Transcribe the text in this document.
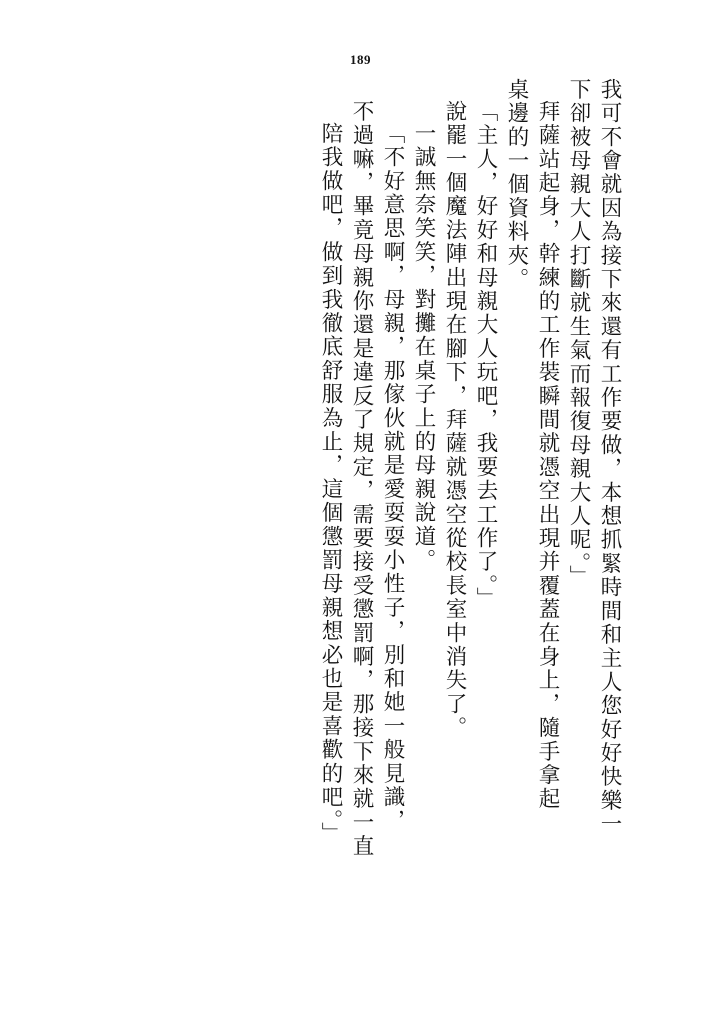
189
我可不會就因為接下來還有工作要做，本想抓緊時間和主人您好好快樂一
下卻被母親大人打斷就生氣而報復母親大人呢。」
拜薩站起身，幹練的工作裝瞬間就憑空出現并覆蓋在身上，隨手拿起
桌邊的一個資料夾。
「主人，好好和母親大人玩吧，我要去工作了。」
說罷一個魔法陣出現在腳下，拜薩就憑空從校長室中消失了。
一誠無奈笑笑，對攤在桌子上的母親說道。
「不好意思啊，母親，那傢伙就是愛耍耍小性子，別和她一般見識，
不過嘛，畢竟母親你還是違反了規定，需要接受懲罰啊，那接下來就一直
陪我做吧，做到我徹底舒服為止，這個懲罰母親想必也是喜歡的吧。」
